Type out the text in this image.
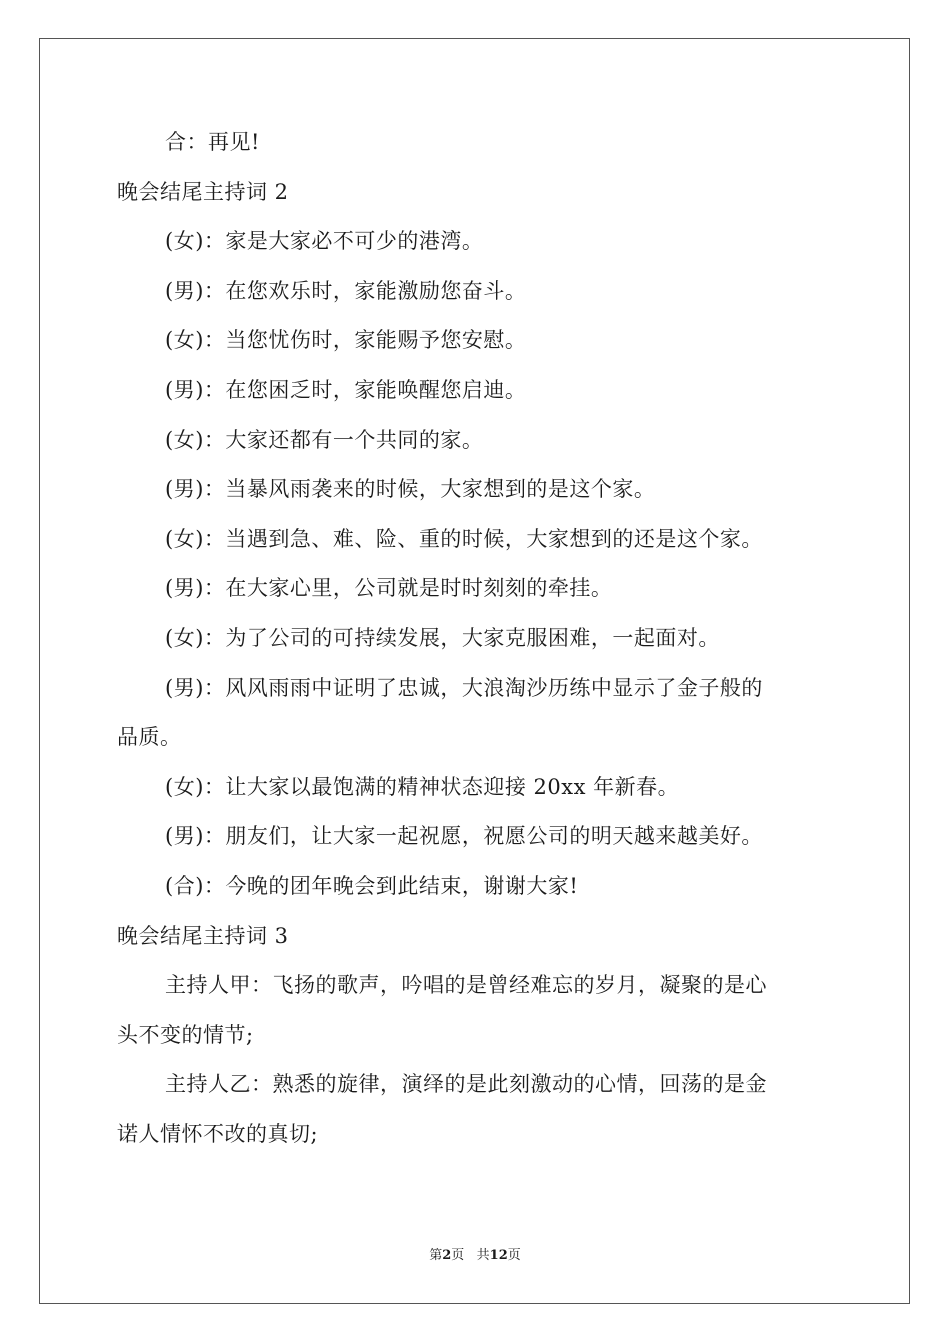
合：再见!
晚会结尾主持词 2
(女)：家是大家必不可少的港湾。
(男)：在您欢乐时，家能激励您奋斗。
(女)：当您忧伤时，家能赐予您安慰。
(男)：在您困乏时，家能唤醒您启迪。
(女)：大家还都有一个共同的家。
(男)：当暴风雨袭来的时候，大家想到的是这个家。
(女)：当遇到急、难、险、重的时候，大家想到的还是这个家。
(男)：在大家心里，公司就是时时刻刻的牵挂。
(女)：为了公司的可持续发展，大家克服困难，一起面对。
(男)：风风雨雨中证明了忠诚，大浪淘沙历练中显示了金子般的
品质。
(女)：让大家以最饱满的精神状态迎接 20xx 年新春。
(男)：朋友们，让大家一起祝愿，祝愿公司的明天越来越美好。
(合)：今晚的团年晚会到此结束，谢谢大家!
晚会结尾主持词 3
主持人甲：飞扬的歌声，吟唱的是曾经难忘的岁月，凝聚的是心
头不变的情节;
主持人乙：熟悉的旋律，演绎的是此刻激动的心情，回荡的是金
诺人情怀不改的真切;
第2页   共12页
